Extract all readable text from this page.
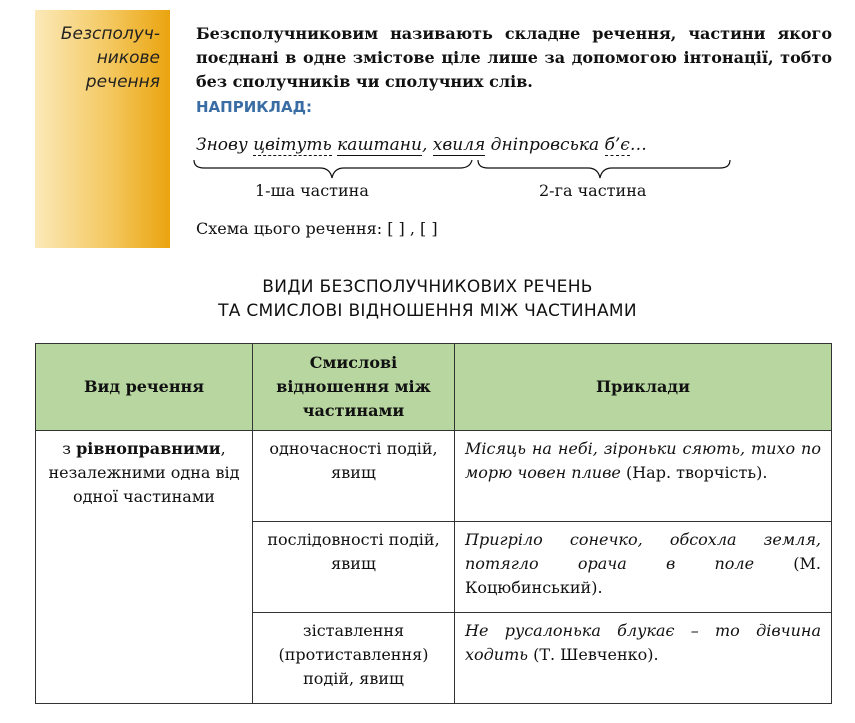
Безсполуч-
никове
речення
Безсполучниковим називають складне речення, частини якого поєднані в одне змістове ціле лише за допомогою інтонації, тобто без сполучників чи сполучних слів.
НАПРИКЛАД:
Знову цвітуть каштани, хвиля дніпровська б’є…
1-ша частина	2-га частина
Схема цього речення: [ ] , [ ]
ВИДИ БЕЗСПОЛУЧНИКОВИХ РЕЧЕНЬ
ТА СМИСЛОВІ ВІДНОШЕННЯ МІЖ ЧАСТИНАМИ
Вид речення	Смислові відношення між частинами	Приклади

з рівноправними, незалежними одна від одної частинами	одночасності подій, явищ	Місяць на небі, зіроньки сяють, тихо по морю човен пливе (Нар. творчість).

	послідовності подій, явищ	Пригріло сонечко, обсохла земля, потягло орача в поле (М. Коцюбинський).

	зіставлення (протиставлення) подій, явищ	Не русалонька блукає – то дівчина ходить (Т. Шевченко).
